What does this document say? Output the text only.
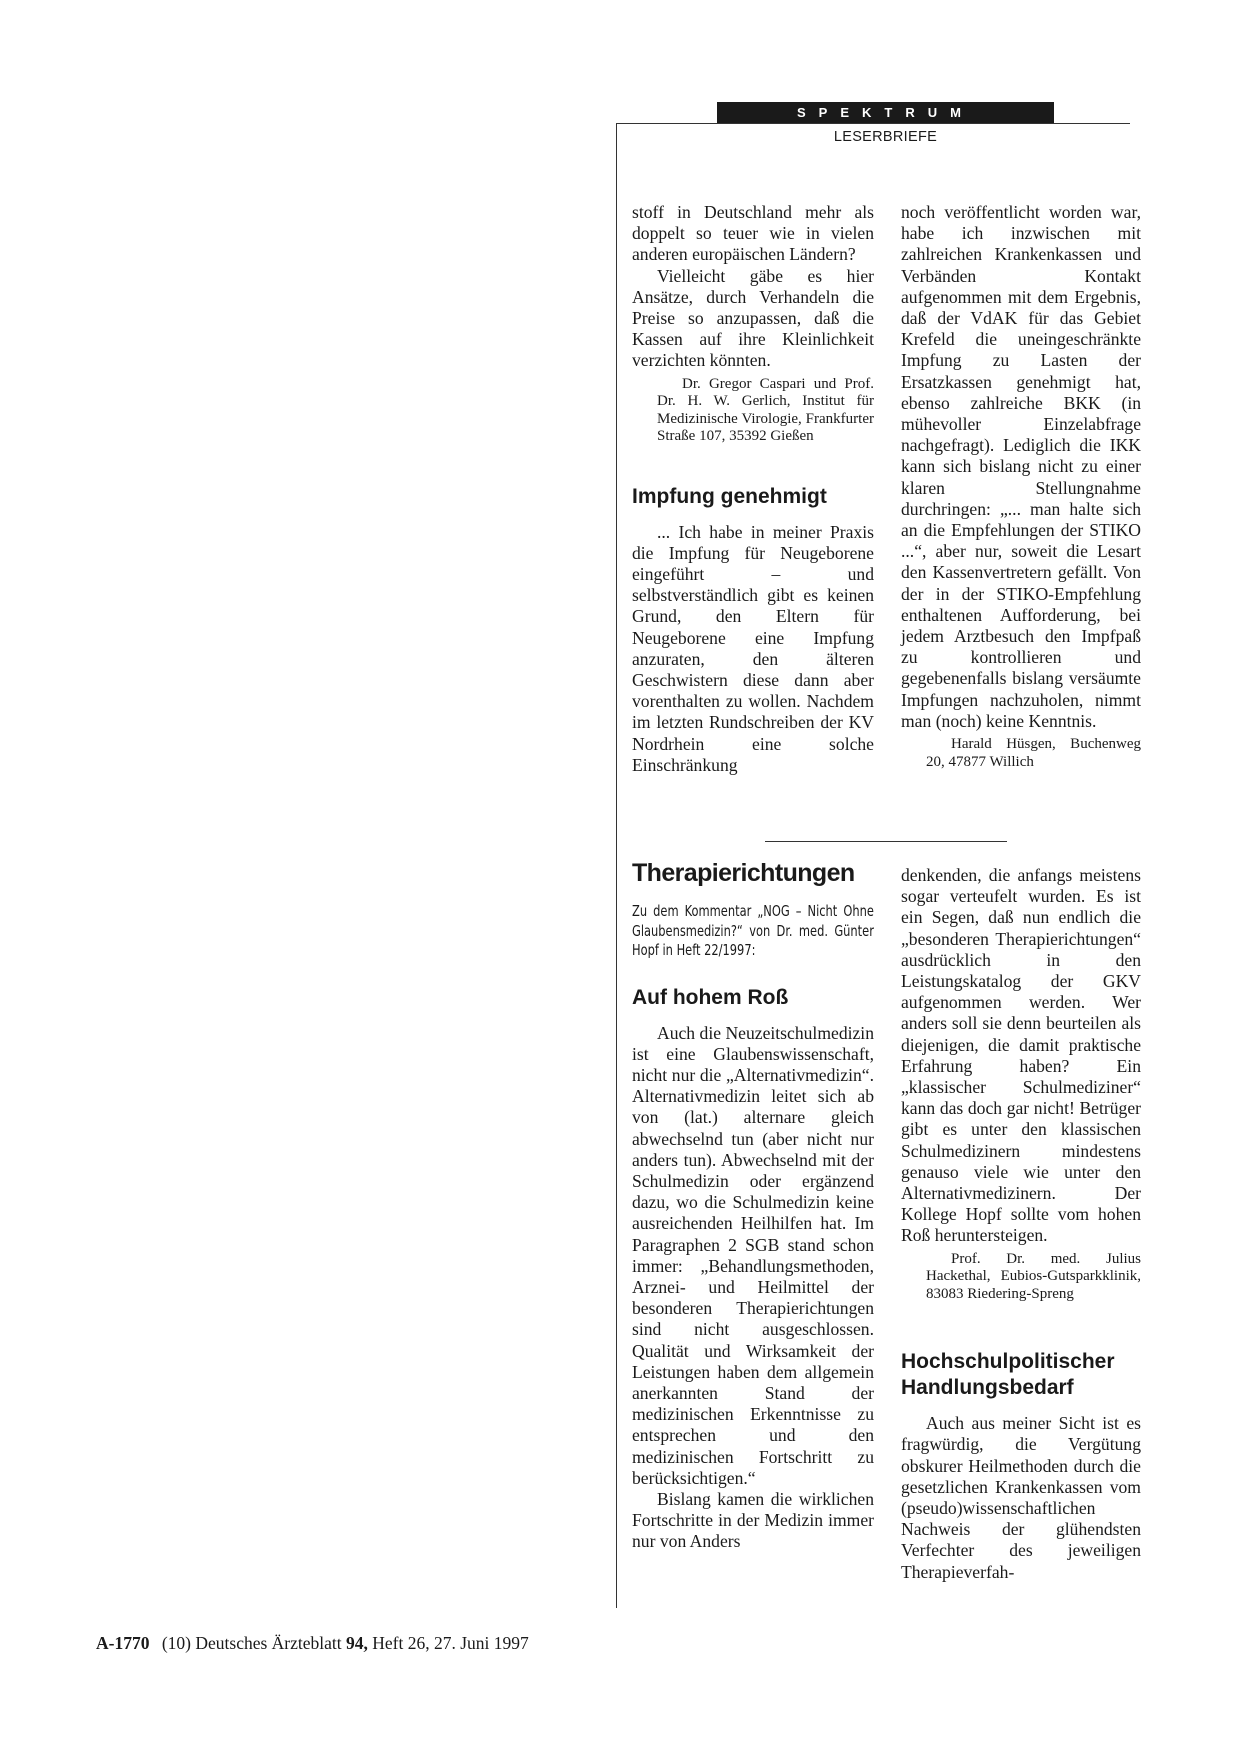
SPEKTRUM
LESERBRIEFE

stoff in Deutschland mehr als doppelt so teuer wie in vielen anderen europäischen Ländern?

Vielleicht gäbe es hier Ansätze, durch Verhandeln die Preise so anzupassen, daß die Kassen auf ihre Kleinlichkeit verzichten könnten.

Dr. Gregor Caspari und Prof. Dr. H. W. Gerlich, Institut für Medizinische Virologie, Frankfurter Straße 107, 35392 Gießen

Impfung genehmigt

... Ich habe in meiner Praxis die Impfung für Neugeborene eingeführt – und selbstverständlich gibt es keinen Grund, den Eltern für Neugeborene eine Impfung anzuraten, den älteren Geschwistern diese dann aber vorenthalten zu wollen. Nachdem im letzten Rundschreiben der KV Nordrhein eine solche Einschränkung

noch veröffentlicht worden war, habe ich inzwischen mit zahlreichen Krankenkassen und Verbänden Kontakt aufgenommen mit dem Ergebnis, daß der VdAK für das Gebiet Krefeld die uneingeschränkte Impfung zu Lasten der Ersatzkassen genehmigt hat, ebenso zahlreiche BKK (in mühevoller Einzelabfrage nachgefragt). Lediglich die IKK kann sich bislang nicht zu einer klaren Stellungnahme durchringen: „... man halte sich an die Empfehlungen der STIKO ...“, aber nur, soweit die Lesart den Kassenvertretern gefällt. Von der in der STIKO-Empfehlung enthaltenen Aufforderung, bei jedem Arztbesuch den Impfpaß zu kontrollieren und gegebenenfalls bislang versäumte Impfungen nachzuholen, nimmt man (noch) keine Kenntnis.

Harald Hüsgen, Buchenweg 20, 47877 Willich

Therapierichtungen

Zu dem Kommentar „NOG – Nicht Ohne Glaubensmedizin?“ von Dr. med. Günter Hopf in Heft 22/1997:

Auf hohem Roß

Auch die Neuzeitschulmedizin ist eine Glaubenswissenschaft, nicht nur die „Alternativmedizin“. Alternativmedizin leitet sich ab von (lat.) alternare gleich abwechselnd tun (aber nicht nur anders tun). Abwechselnd mit der Schulmedizin oder ergänzend dazu, wo die Schulmedizin keine ausreichenden Heilhilfen hat. Im Paragraphen 2 SGB stand schon immer: „Behandlungsmethoden, Arznei- und Heilmittel der besonderen Therapierichtungen sind nicht ausgeschlossen. Qualität und Wirksamkeit der Leistungen haben dem allgemein anerkannten Stand der medizinischen Erkenntnisse zu entsprechen und den medizinischen Fortschritt zu berücksichtigen.“

Bislang kamen die wirklichen Fortschritte in der Medizin immer nur von Anders

denkenden, die anfangs meistens sogar verteufelt wurden. Es ist ein Segen, daß nun endlich die „besonderen Therapierichtungen“ ausdrücklich in den Leistungskatalog der GKV aufgenommen werden. Wer anders soll sie denn beurteilen als diejenigen, die damit praktische Erfahrung haben? Ein „klassischer Schulmediziner“ kann das doch gar nicht! Betrüger gibt es unter den klassischen Schulmedizinern mindestens genauso viele wie unter den Alternativmedizinern. Der Kollege Hopf sollte vom hohen Roß heruntersteigen.

Prof. Dr. med. Julius Hackethal, Eubios-Gutsparkklinik, 83083 Riedering-Spreng

Hochschulpolitischer Handlungsbedarf

Auch aus meiner Sicht ist es fragwürdig, die Vergütung obskurer Heilmethoden durch die gesetzlichen Krankenkassen vom (pseudo)wissenschaftlichen Nachweis der glühendsten Verfechter des jeweiligen Therapieverfah-

A-1770 (10) Deutsches Ärzteblatt 94, Heft 26, 27. Juni 1997
